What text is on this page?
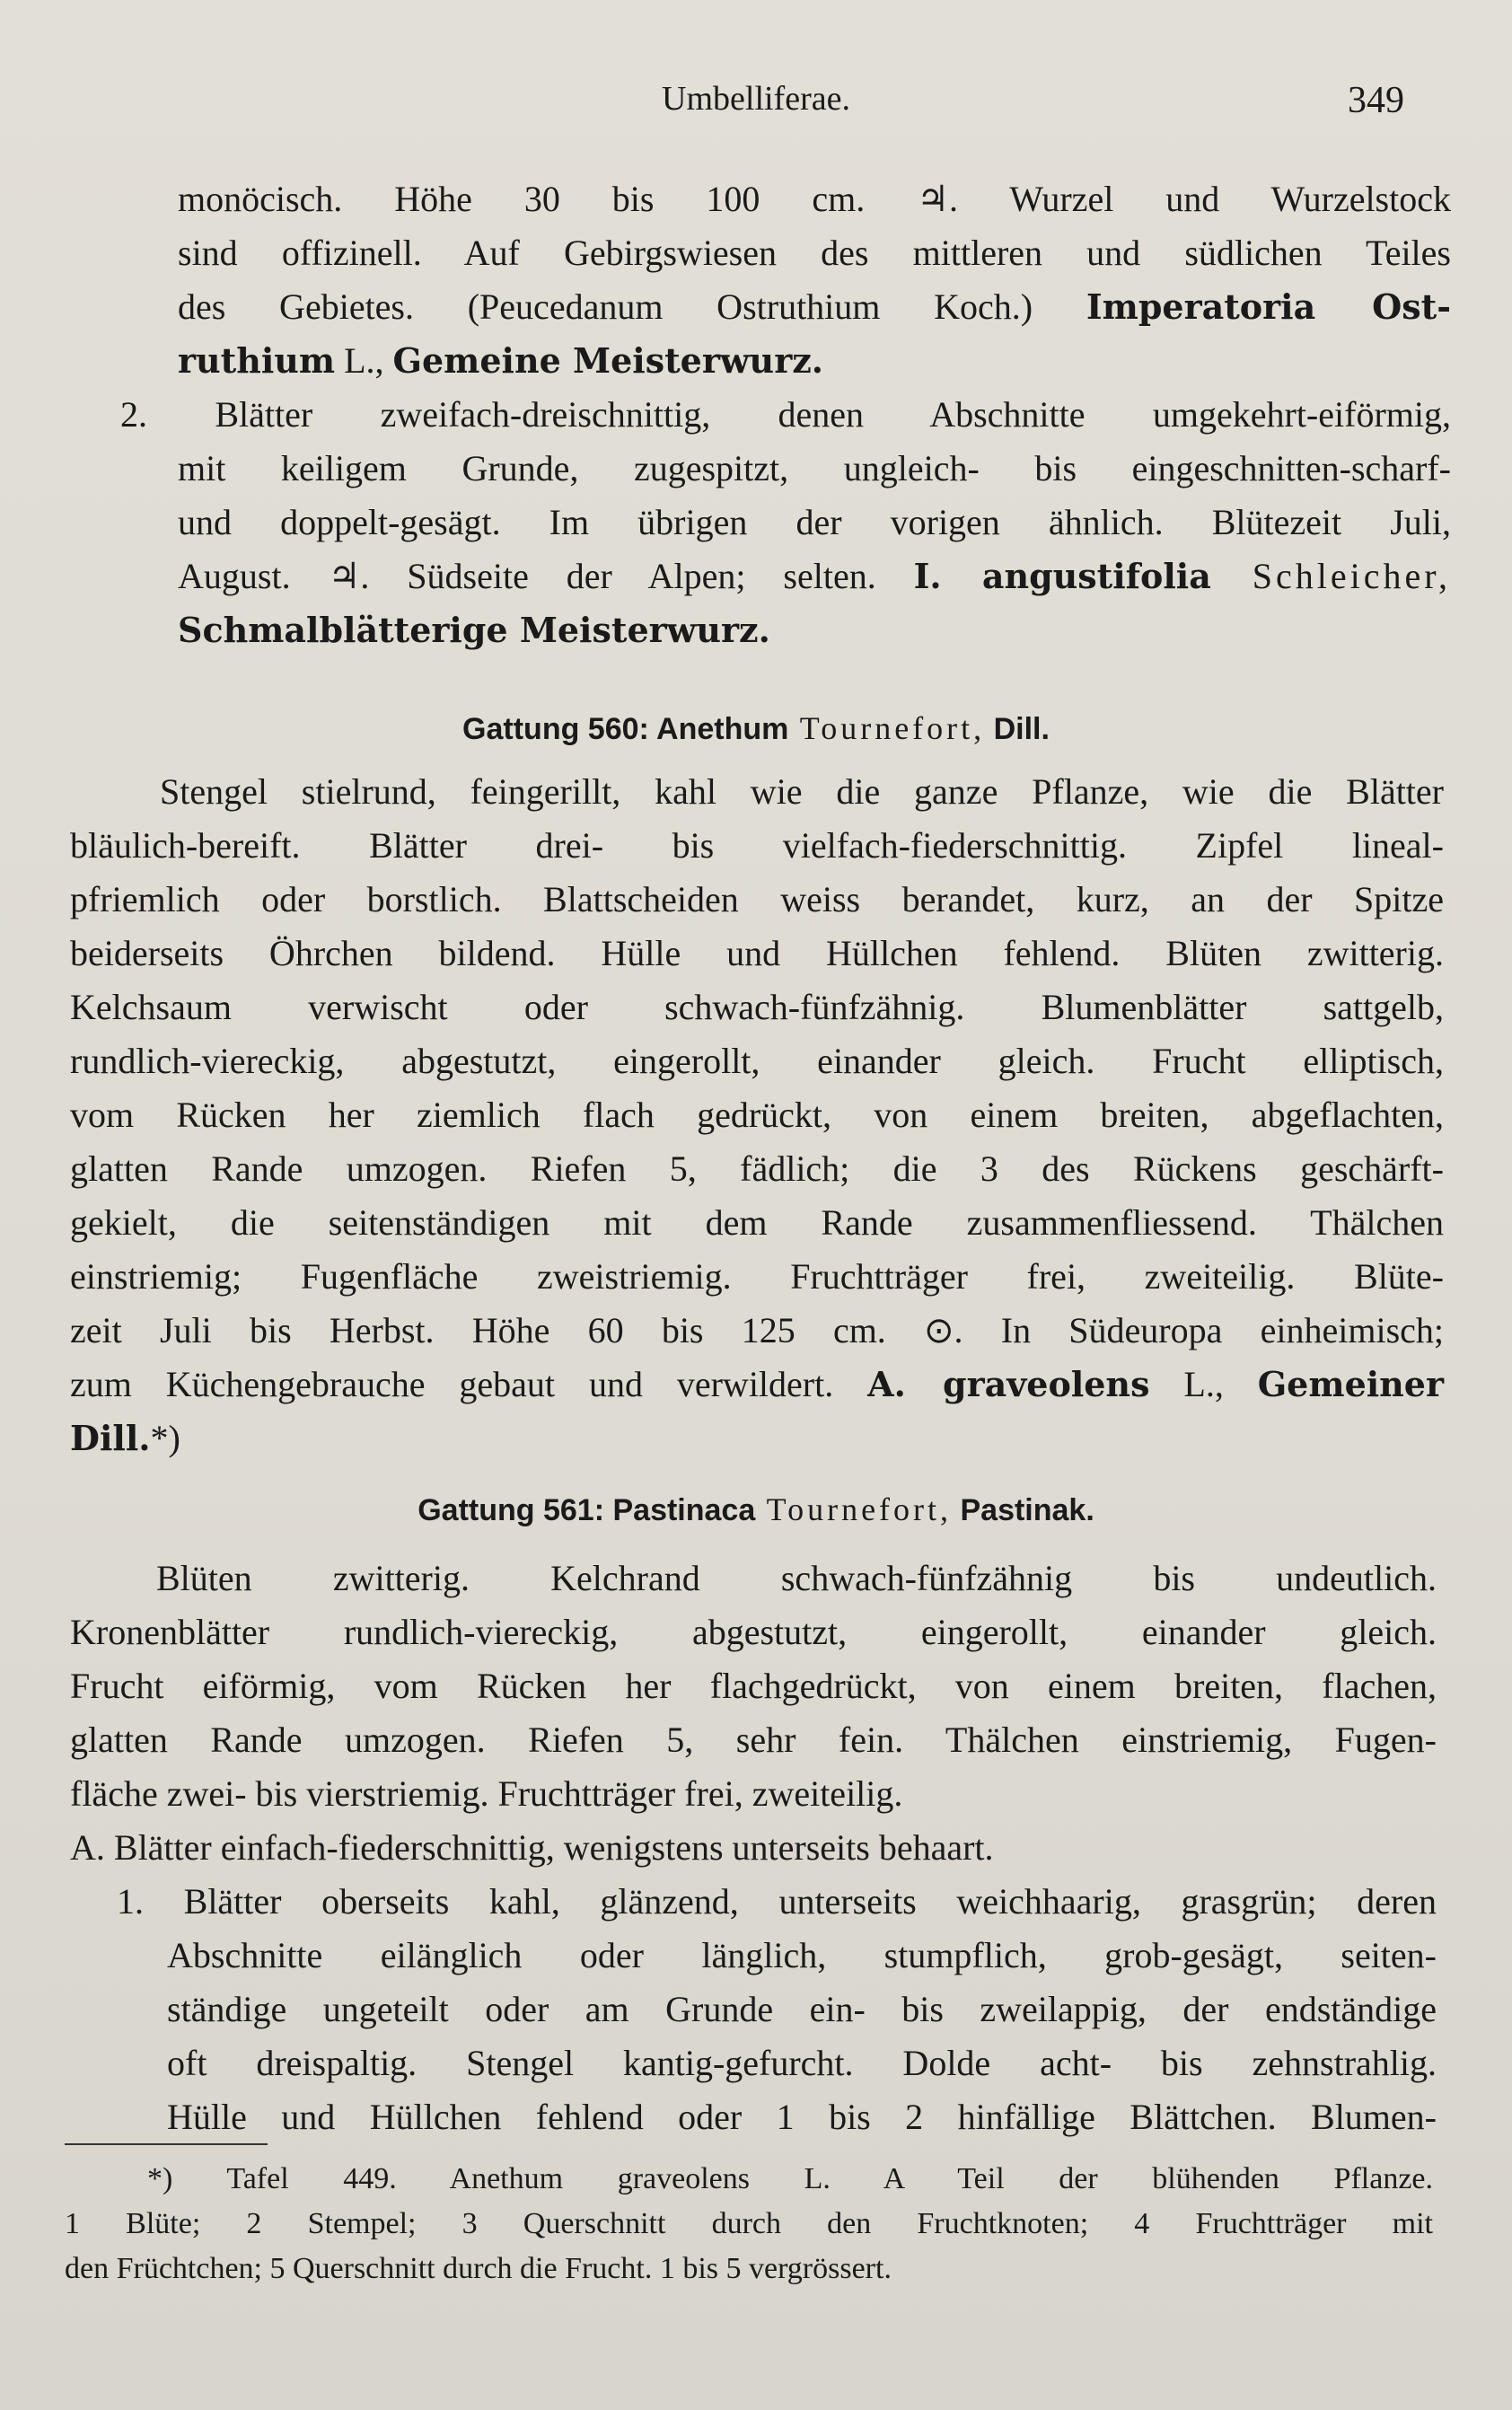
Umbelliferae.	349
monöcisch. Höhe 30 bis 100 cm. ♃. Wurzel und Wurzelstock
sind offizinell. Auf Gebirgswiesen des mittleren und südlichen Teiles
des Gebietes. (Peucedanum Ostruthium Koch.) Imperatoria Ost-
ruthium L., Gemeine Meisterwurz.
2. Blätter zweifach-dreischnittig, denen Abschnitte umgekehrt-eiförmig,
mit keiligem Grunde, zugespitzt, ungleich- bis eingeschnitten-scharf-
und doppelt-gesägt. Im übrigen der vorigen ähnlich. Blütezeit Juli,
August. ♃. Südseite der Alpen; selten. I. angustifolia Schleicher,
Schmalblätterige Meisterwurz.
Gattung 560: Anethum Tournefort, Dill.
Stengel stielrund, feingerillt, kahl wie die ganze Pflanze, wie die Blätter
bläulich-bereift. Blätter drei- bis vielfach-fiederschnittig. Zipfel lineal-
pfriemlich oder borstlich. Blattscheiden weiss berandet, kurz, an der Spitze
beiderseits Öhrchen bildend. Hülle und Hüllchen fehlend. Blüten zwitterig.
Kelchsaum verwischt oder schwach-fünfzähnig. Blumenblätter sattgelb,
rundlich-viereckig, abgestutzt, eingerollt, einander gleich. Frucht elliptisch,
vom Rücken her ziemlich flach gedrückt, von einem breiten, abgeflachten,
glatten Rande umzogen. Riefen 5, fädlich; die 3 des Rückens geschärft-
gekielt, die seitenständigen mit dem Rande zusammenfliessend. Thälchen
einstriemig; Fugenfläche zweistriemig. Fruchtträger frei, zweiteilig. Blüte-
zeit Juli bis Herbst. Höhe 60 bis 125 cm. ⊙. In Südeuropa einheimisch;
zum Küchengebrauche gebaut und verwildert. A. graveolens L., Gemeiner
Dill.*)
Gattung 561: Pastinaca Tournefort, Pastinak.
Blüten zwitterig. Kelchrand schwach-fünfzähnig bis undeutlich.
Kronenblätter rundlich-viereckig, abgestutzt, eingerollt, einander gleich.
Frucht eiförmig, vom Rücken her flachgedrückt, von einem breiten, flachen,
glatten Rande umzogen. Riefen 5, sehr fein. Thälchen einstriemig, Fugen-
fläche zwei- bis vierstriemig. Fruchtträger frei, zweiteilig.
A. Blätter einfach-fiederschnittig, wenigstens unterseits behaart.
1. Blätter oberseits kahl, glänzend, unterseits weichhaarig, grasgrün; deren
Abschnitte eilänglich oder länglich, stumpflich, grob-gesägt, seiten-
ständige ungeteilt oder am Grunde ein- bis zweilappig, der endständige
oft dreispaltig. Stengel kantig-gefurcht. Dolde acht- bis zehnstrahlig.
Hülle und Hüllchen fehlend oder 1 bis 2 hinfällige Blättchen. Blumen-
*) Tafel 449. Anethum graveolens L. A Teil der blühenden Pflanze.
1 Blüte; 2 Stempel; 3 Querschnitt durch den Fruchtknoten; 4 Fruchtträger mit
den Früchtchen; 5 Querschnitt durch die Frucht. 1 bis 5 vergrössert.
